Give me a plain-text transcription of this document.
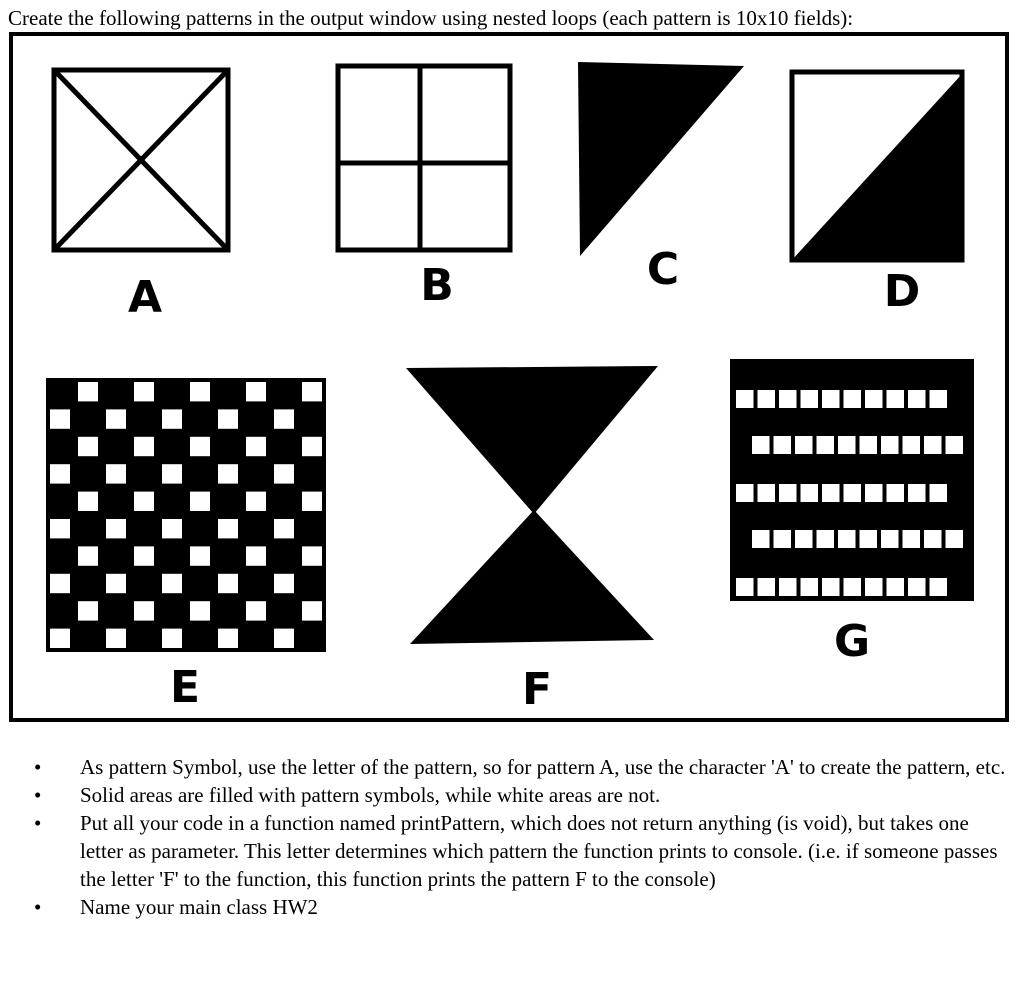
Create the following patterns in the output window using nested loops (each pattern is 10x10 fields):
A	B	C	D
E	F
G
• As pattern Symbol, use the letter of the pattern, so for pattern A, use the character 'A' to create the pattern, etc.
• Solid areas are filled with pattern symbols, while white areas are not.
• Put all your code in a function named printPattern, which does not return anything (is void), but takes one letter as parameter. This letter determines which pattern the function prints to console. (i.e. if someone passes the letter 'F' to the function, this function prints the pattern F to the console)
• Name your main class HW2
